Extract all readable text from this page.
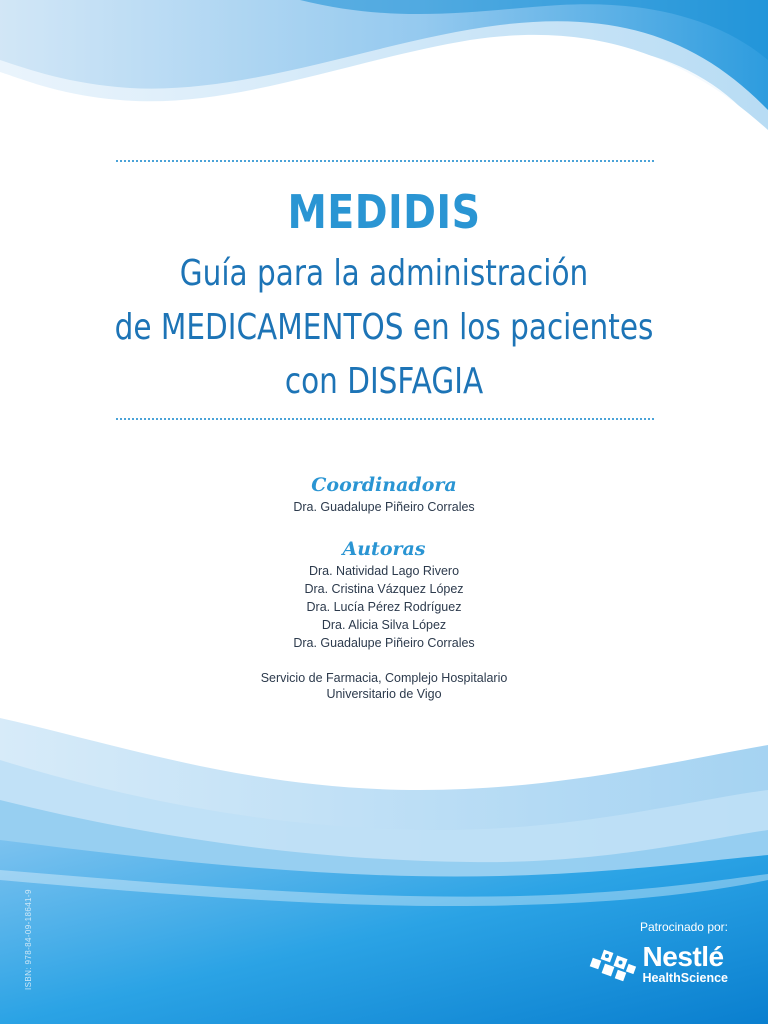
MEDIDIS
Guía para la administración
de MEDICAMENTOS en los pacientes
con DISFAGIA
Coordinadora
Dra. Guadalupe Piñeiro Corrales
Autoras
Dra. Natividad Lago Rivero
Dra. Cristina Vázquez López
Dra. Lucía Pérez Rodríguez
Dra. Alicia Silva López
Dra. Guadalupe Piñeiro Corrales
Servicio de Farmacia, Complejo Hospitalario
Universitario de Vigo
ISBN: 978-84-09-18641-9	Patrocinado por:
Nestlé
HealthScience
